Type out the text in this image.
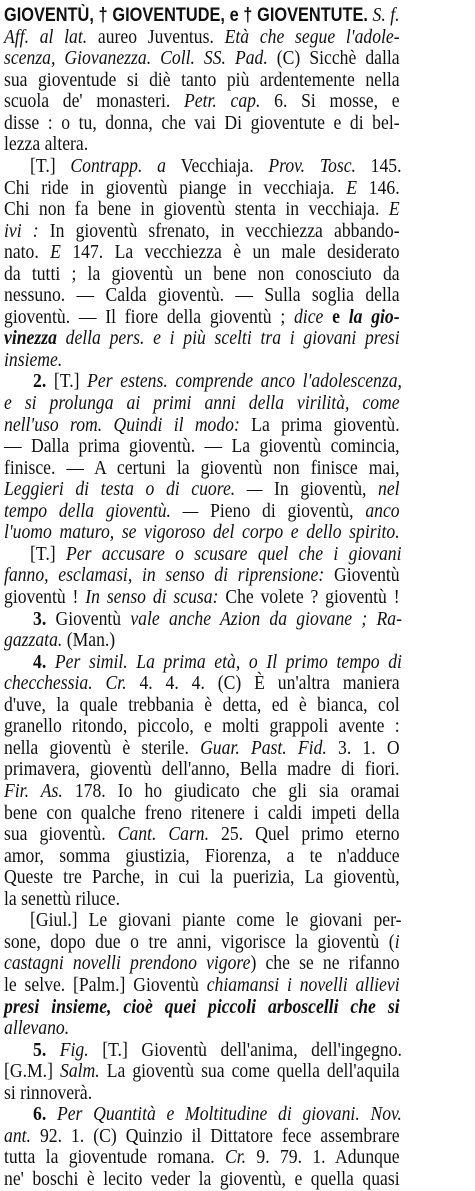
GIOVENTÙ, † GIOVENTUDE, e † GIOVENTUTE. S. f.
Aff. al lat. aureo Juventus. Età che segue l'adole-
scenza, Giovanezza. Coll. SS. Pad. (C) Sicchè dalla
sua gioventude si diè tanto più ardentemente nella
scuola de' monasteri. Petr. cap. 6. Si mosse, e
disse : o tu, donna, che vai Di gioventute e di bel-
lezza altera.
[T.] Contrapp. a Vecchiaja. Prov. Tosc. 145.
Chi ride in gioventù piange in vecchiaja. E 146.
Chi non fa bene in gioventù stenta in vecchiaja. E
ivi : In gioventù sfrenato, in vecchiezza abbando-
nato. E 147. La vecchiezza è un male desiderato
da tutti ; la gioventù un bene non conosciuto da
nessuno. — Calda gioventù. — Sulla soglia della
gioventù. — Il fiore della gioventù ; dice e la gio-
vinezza della pers. e i più scelti tra i giovani presi
insieme.
2. [T.] Per estens. comprende anco l'adolescenza,
e si prolunga ai primi anni della virilità, come
nell'uso rom. Quindi il modo: La prima gioventù.
— Dalla prima gioventù. — La gioventù comincia,
finisce. — A certuni la gioventù non finisce mai,
Leggieri di testa o di cuore. — In gioventù, nel
tempo della gioventù. — Pieno di gioventù, anco
l'uomo maturo, se vigoroso del corpo e dello spirito.
[T.] Per accusare o scusare quel che i giovani
fanno, esclamasi, in senso di riprensione: Gioventù
gioventù ! In senso di scusa: Che volete ? gioventù !
3. Gioventù vale anche Azion da giovane ; Ra-
gazzata. (Man.)
4. Per simil. La prima età, o Il primo tempo di
checchessia. Cr. 4. 4. 4. (C) È un'altra maniera
d'uve, la quale trebbania è detta, ed è bianca, col
granello ritondo, piccolo, e molti grappoli avente :
nella gioventù è sterile. Guar. Past. Fid. 3. 1. O
primavera, gioventù dell'anno, Bella madre di fiori.
Fir. As. 178. Io ho giudicato che gli sia oramai
bene con qualche freno ritenere i caldi impeti della
sua gioventù. Cant. Carn. 25. Quel primo eterno
amor, somma giustizia, Fiorenza, a te n'adduce
Queste tre Parche, in cui la puerizia, La gioventù,
la senettù riluce.
[Giul.] Le giovani piante come le giovani per-
sone, dopo due o tre anni, vigorisce la gioventù (i
castagni novelli prendono vigore) che se ne rifanno
le selve. [Palm.] Gioventù chiamansi i novelli allievi
presi insieme, cioè quei piccoli arboscelli che si
allevano.
5. Fig. [T.] Gioventù dell'anima, dell'ingegno.
[G.M.] Salm. La gioventù sua come quella dell'aquila
si rinnoverà.
6. Per Quantità e Moltitudine di giovani. Nov.
ant. 92. 1. (C) Quinzio il Dittatore fece assembrare
tutta la gioventude romana. Cr. 9. 79. 1. Adunque
ne' boschi è lecito veder la gioventù, e quella quasi
